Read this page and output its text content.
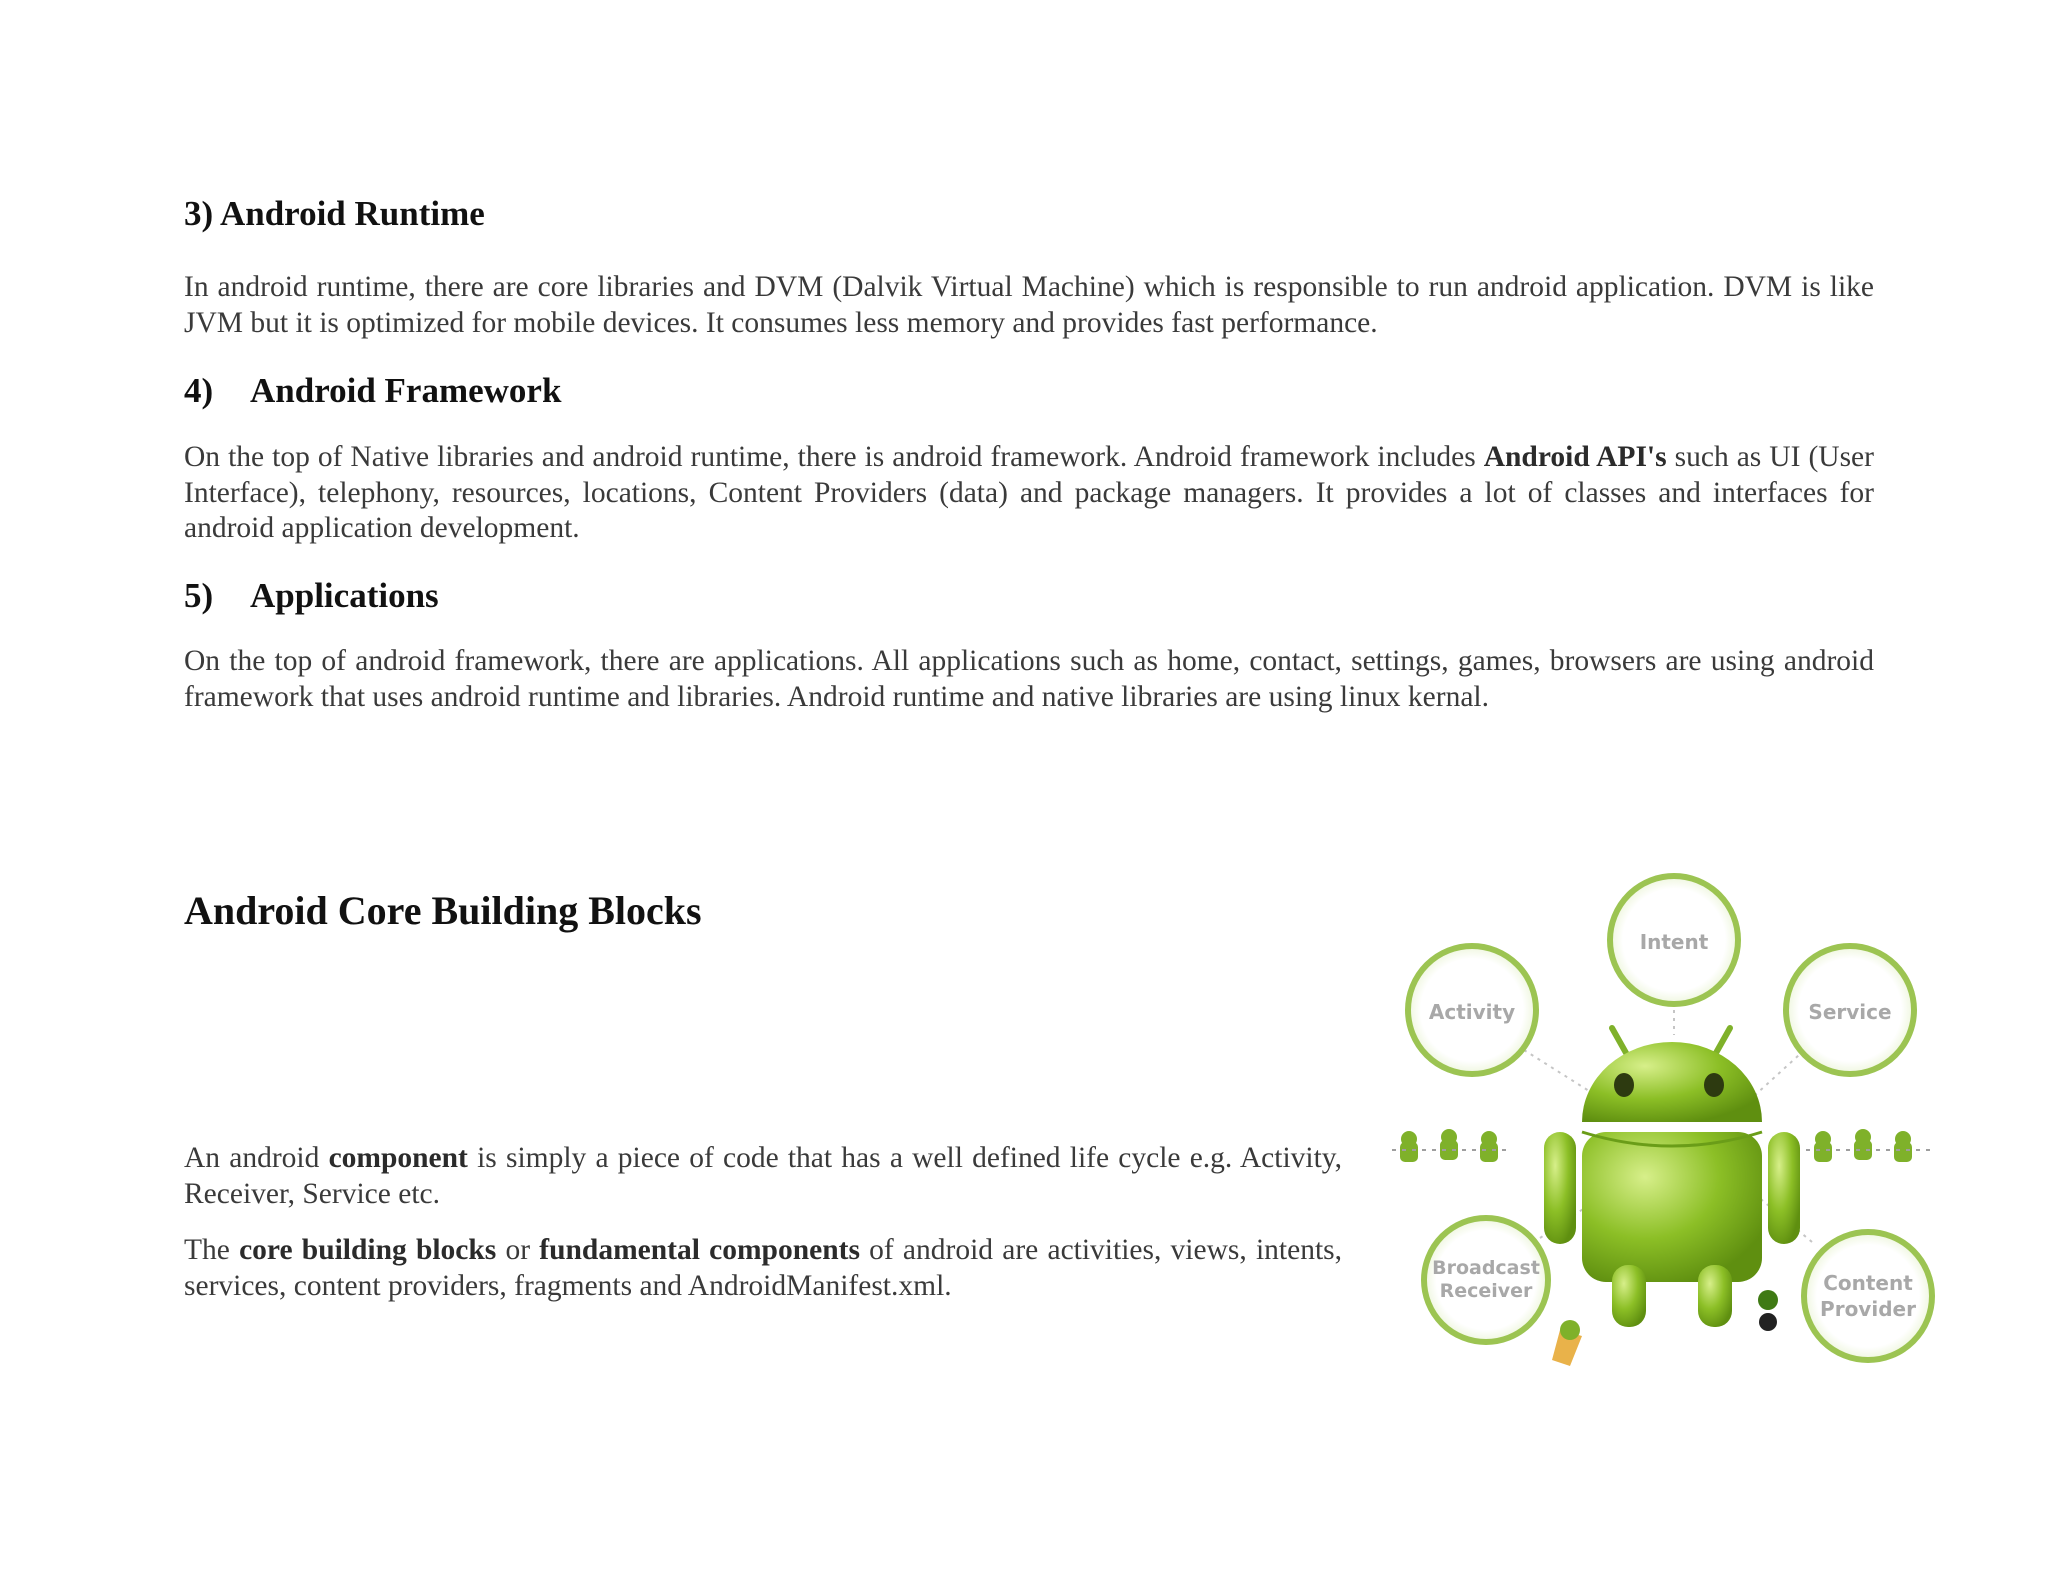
3) Android Runtime

In android runtime, there are core libraries and DVM (Dalvik Virtual Machine) which is responsible to run android application. DVM is like JVM but it is optimized for mobile devices. It consumes less memory and provides fast performance.

4) Android Framework

On the top of Native libraries and android runtime, there is android framework. Android framework includes Android API's such as UI (User Interface), telephony, resources, locations, Content Providers (data) and package managers. It provides a lot of classes and interfaces for android application development.

5) Applications

On the top of android framework, there are applications. All applications such as home, contact, settings, games, browsers are using android framework that uses android runtime and libraries. Android runtime and native libraries are using linux kernal.

Android Core Building Blocks

An android component is simply a piece of code that has a well defined life cycle e.g. Activity, Receiver, Service etc.

The core building blocks or fundamental components of android are activities, views, intents, services, content providers, fragments and AndroidManifest.xml.

Intent
Activity	Service
Broadcast
Receiver	Content
Provider
